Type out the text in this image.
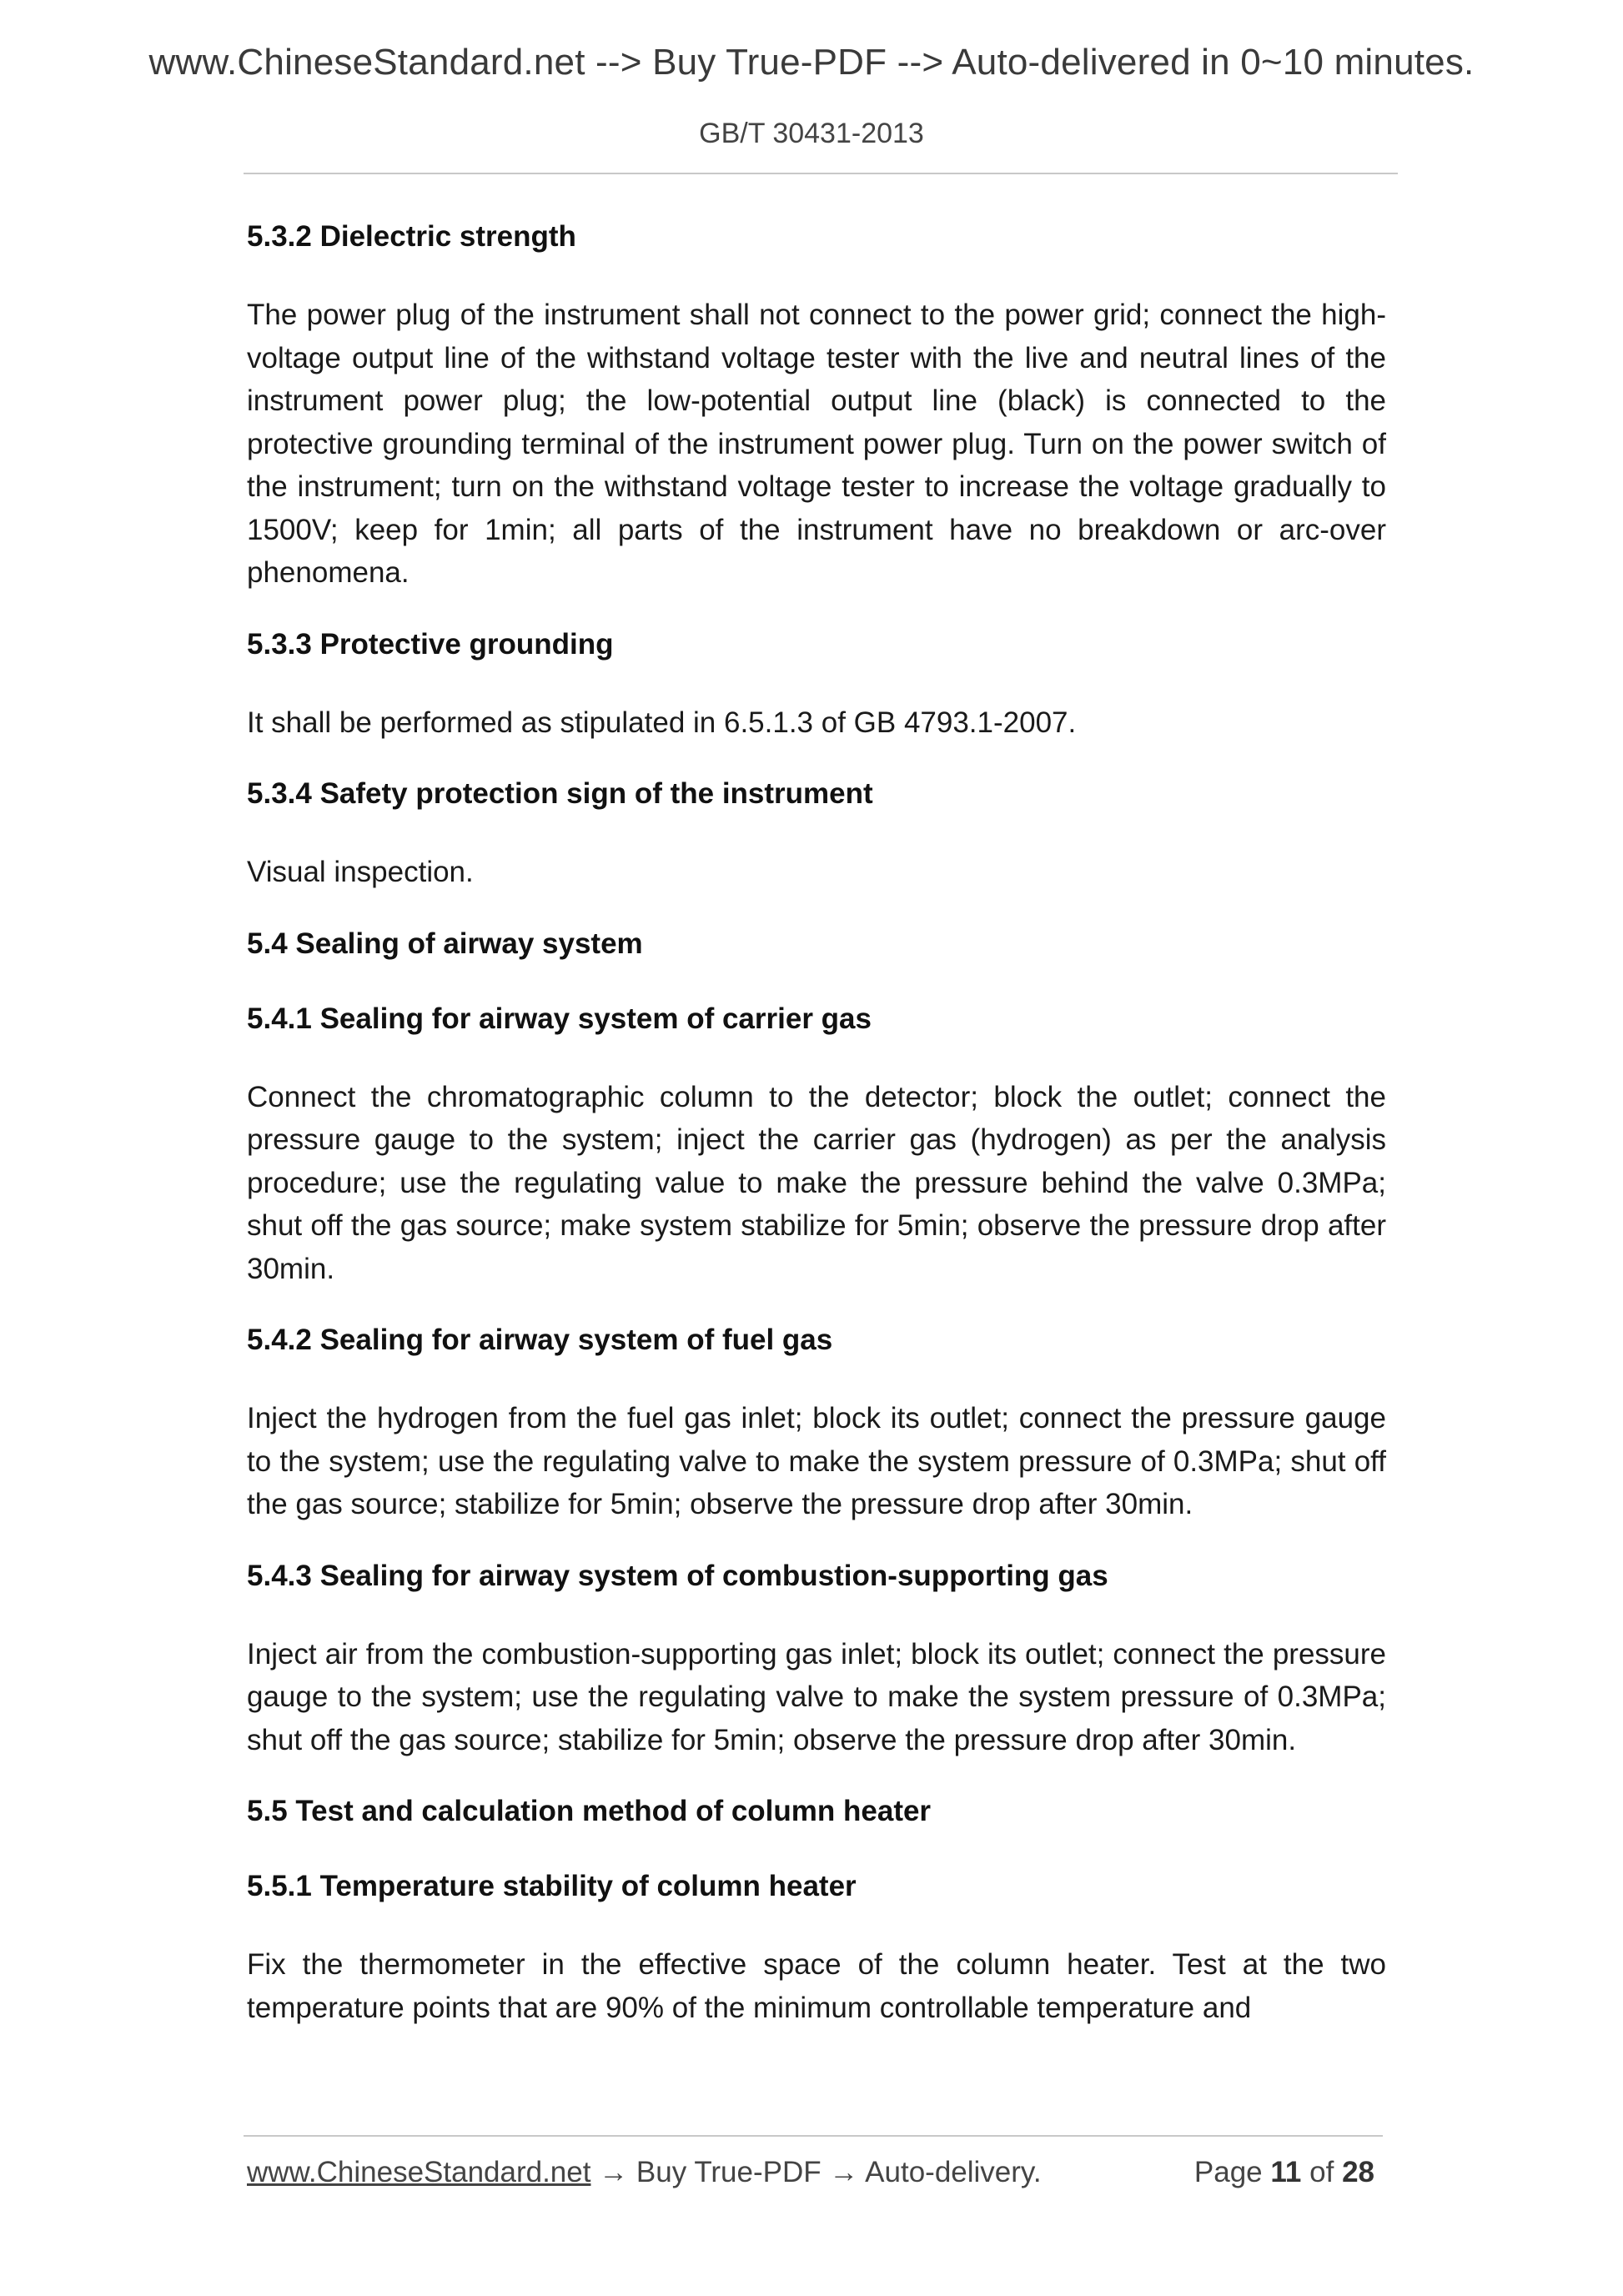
www.ChineseStandard.net --> Buy True-PDF --> Auto-delivered in 0~10 minutes.
GB/T 30431-2013
5.3.2 Dielectric strength

The power plug of the instrument shall not connect to the power grid; connect the high-voltage output line of the withstand voltage tester with the live and neutral lines of the instrument power plug; the low-potential output line (black) is connected to the protective grounding terminal of the instrument power plug. Turn on the power switch of the instrument; turn on the withstand voltage tester to increase the voltage gradually to 1500V; keep for 1min; all parts of the instrument have no breakdown or arc-over phenomena.

5.3.3 Protective grounding

It shall be performed as stipulated in 6.5.1.3 of GB 4793.1-2007.

5.3.4 Safety protection sign of the instrument

Visual inspection.

5.4 Sealing of airway system
5.4.1 Sealing for airway system of carrier gas

Connect the chromatographic column to the detector; block the outlet; connect the pressure gauge to the system; inject the carrier gas (hydrogen) as per the analysis procedure; use the regulating value to make the pressure behind the valve 0.3MPa; shut off the gas source; make system stabilize for 5min; observe the pressure drop after 30min.

5.4.2 Sealing for airway system of fuel gas

Inject the hydrogen from the fuel gas inlet; block its outlet; connect the pressure gauge to the system; use the regulating valve to make the system pressure of 0.3MPa; shut off the gas source; stabilize for 5min; observe the pressure drop after 30min.

5.4.3 Sealing for airway system of combustion-supporting gas

Inject air from the combustion-supporting gas inlet; block its outlet; connect the pressure gauge to the system; use the regulating valve to make the system pressure of 0.3MPa; shut off the gas source; stabilize for 5min; observe the pressure drop after 30min.

5.5 Test and calculation method of column heater
5.5.1 Temperature stability of column heater

Fix the thermometer in the effective space of the column heater. Test at the two temperature points that are 90% of the minimum controllable temperature and

www.ChineseStandard.net → Buy True-PDF → Auto-delivery.	Page 11 of 28
